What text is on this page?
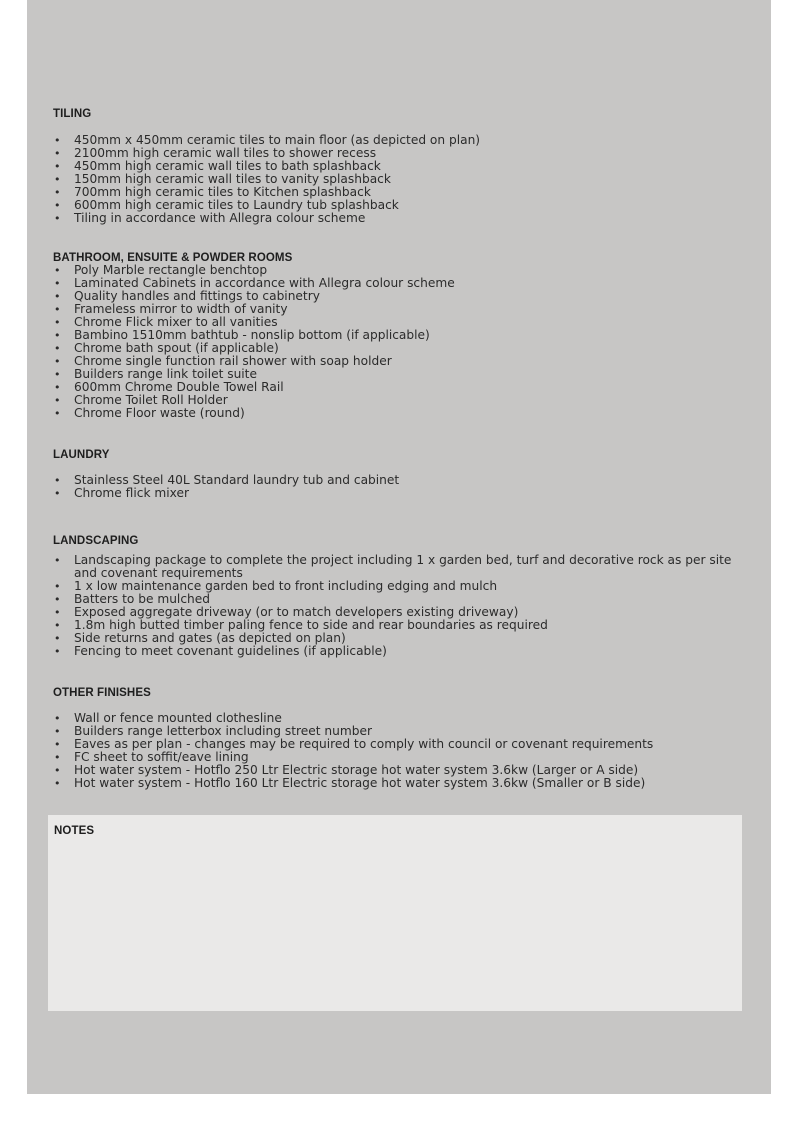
TILING
• 450mm x 450mm ceramic tiles to main floor (as depicted on plan)
• 2100mm high ceramic wall tiles to shower recess
• 450mm high ceramic wall tiles to bath splashback
• 150mm high ceramic wall tiles to vanity splashback
• 700mm high ceramic tiles to Kitchen splashback
• 600mm high ceramic tiles to Laundry tub splashback
• Tiling in accordance with Allegra colour scheme
BATHROOM, ENSUITE & POWDER ROOMS
• Poly Marble rectangle benchtop
• Laminated Cabinets in accordance with Allegra colour scheme
• Quality handles and fittings to cabinetry
• Frameless mirror to width of vanity
• Chrome Flick mixer to all vanities
• Bambino 1510mm bathtub - nonslip bottom (if applicable)
• Chrome bath spout (if applicable)
• Chrome single function rail shower with soap holder
• Builders range link toilet suite
• 600mm Chrome Double Towel Rail
• Chrome Toilet Roll Holder
• Chrome Floor waste (round)
LAUNDRY
• Stainless Steel 40L Standard laundry tub and cabinet
• Chrome flick mixer
LANDSCAPING
• Landscaping package to complete the project including 1 x garden bed, turf and decorative rock as per site and covenant requirements
• 1 x low maintenance garden bed to front including edging and mulch
• Batters to be mulched
• Exposed aggregate driveway (or to match developers existing driveway)
• 1.8m high butted timber paling fence to side and rear boundaries as required
• Side returns and gates (as depicted on plan)
• Fencing to meet covenant guidelines (if applicable)
OTHER FINISHES
• Wall or fence mounted clothesline
• Builders range letterbox including street number
• Eaves as per plan - changes may be required to comply with council or covenant requirements
• FC sheet to soffit/eave lining
• Hot water system - Hotflo 250 Ltr Electric storage hot water system 3.6kw (Larger or A side)
• Hot water system - Hotflo 160 Ltr Electric storage hot water system 3.6kw (Smaller or B side)
NOTES
